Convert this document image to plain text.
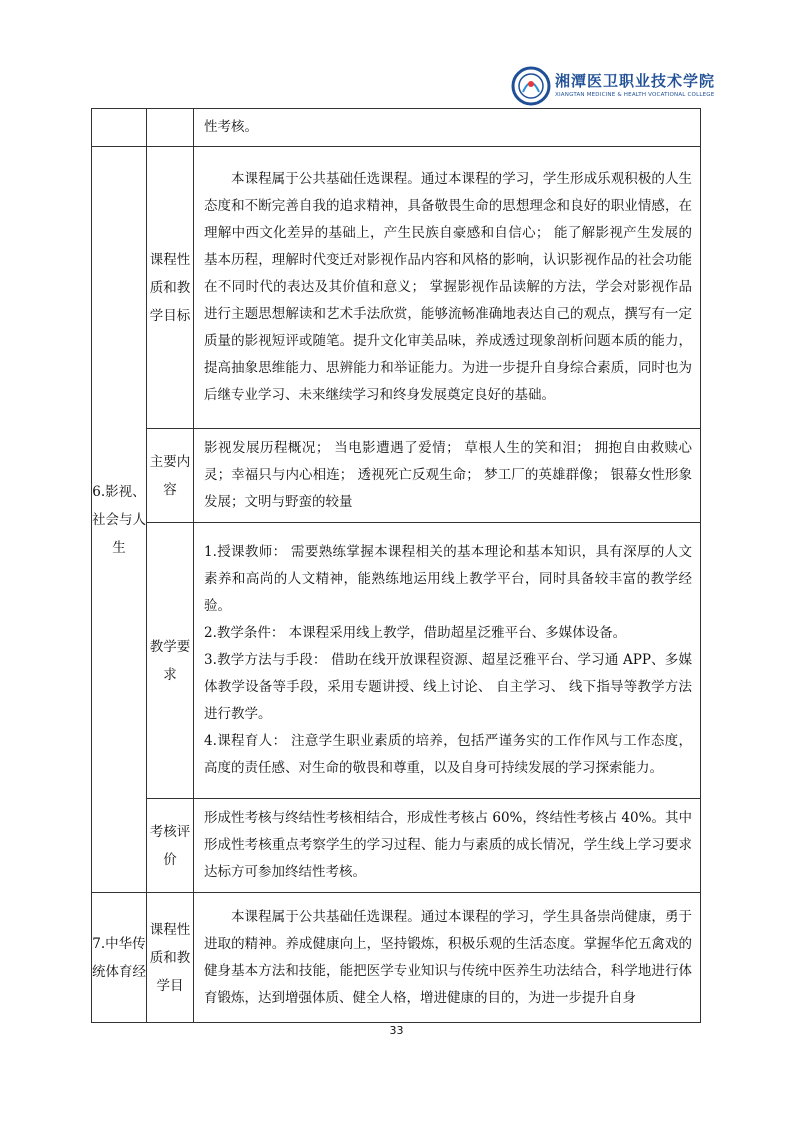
湘潭医卫职业技术学院
XIANGTAN MEDICINE & HEALTH VOCATIONAL COLLEGE
		性考核。
6.影视、社会与人生	课程性质和教学目标	本课程属于公共基础任选课程。通过本课程的学习，学生形成乐观积极的人生态度和不断完善自我的追求精神，具备敬畏生命的思想理念和良好的职业情感，在理解中西文化差异的基础上，产生民族自豪感和自信心； 能了解影视产生发展的基本历程，理解时代变迁对影视作品内容和风格的影响，认识影视作品的社会功能在不同时代的表达及其价值和意义； 掌握影视作品读解的方法，学会对影视作品进行主题思想解读和艺术手法欣赏，能够流畅准确地表达自己的观点，撰写有一定质量的影视短评或随笔。提升文化审美品味，养成透过现象剖析问题本质的能力，提高抽象思维能力、思辨能力和举证能力。为进一步提升自身综合素质，同时也为后继专业学习、未来继续学习和终身发展奠定良好的基础。

	主要内容	影视发展历程概况； 当电影遭遇了爱情； 草根人生的笑和泪； 拥抱自由救赎心灵；幸福只与内心相连； 透视死亡反观生命； 梦工厂的英雄群像； 银幕女性形象发展；文明与野蛮的较量

	教学要求	1.授课教师： 需要熟练掌握本课程相关的基本理论和基本知识，具有深厚的人文素养和高尚的人文精神，能熟练地运用线上教学平台，同时具备较丰富的教学经验。

2.教学条件： 本课程采用线上教学，借助超星泛雅平台、多媒体设备。

3.教学方法与手段： 借助在线开放课程资源、超星泛雅平台、学习通 APP、多媒体教学设备等手段，采用专题讲授、线上讨论、 自主学习、 线下指导等教学方法进行教学。

4.课程育人： 注意学生职业素质的培养，包括严谨务实的工作作风与工作态度，高度的责任感、对生命的敬畏和尊重，以及自身可持续发展的学习探索能力。

	考核评价	形成性考核与终结性考核相结合，形成性考核占 60%，终结性考核占 40%。其中形成性考核重点考察学生的学习过程、能力与素质的成长情况，学生线上学习要求达标方可参加终结性考核。

7.中华传统体育经	课程性质和教学目	本课程属于公共基础任选课程。通过本课程的学习，学生具备崇尚健康，勇于进取的精神。养成健康向上，坚持锻炼，积极乐观的生活态度。掌握华佗五禽戏的健身基本方法和技能，能把医学专业知识与传统中医养生功法结合，科学地进行体育锻炼，达到增强体质、健全人格，增进健康的目的，为进一步提升自身

33
